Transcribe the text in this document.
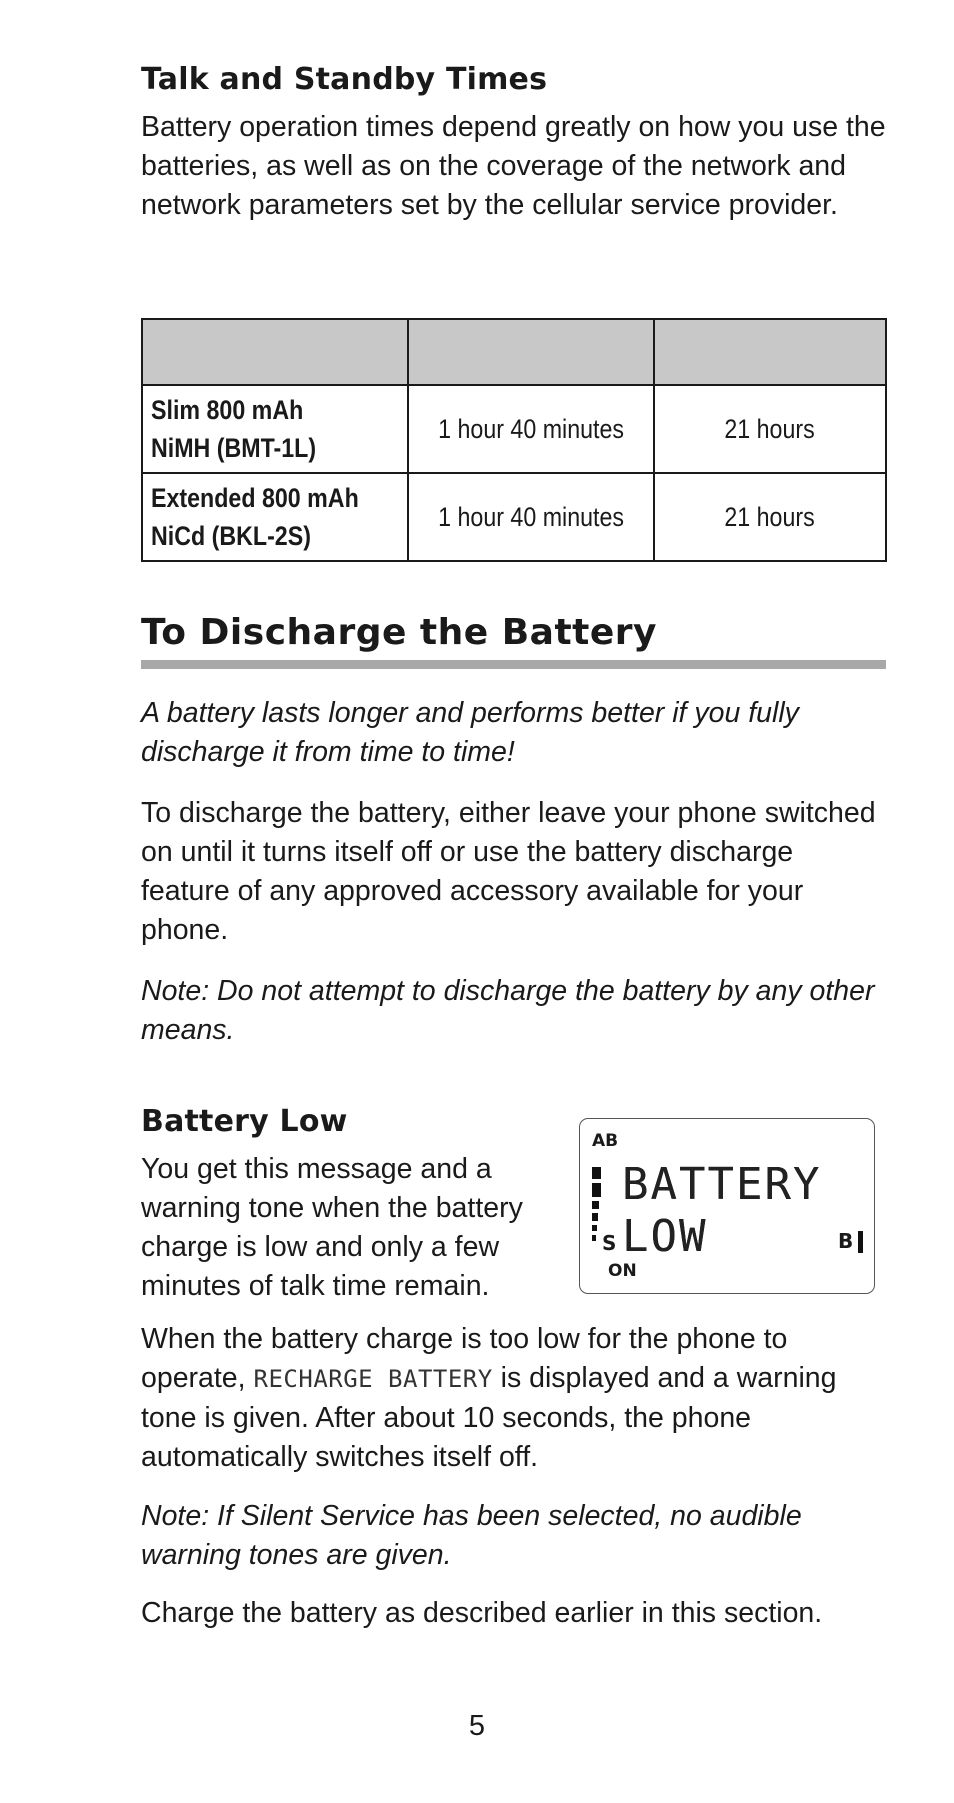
Talk and Standby Times

Battery operation times depend greatly on how you use the batteries, as well as on the coverage of the network and network parameters set by the cellular service provider.

Slim 800 mAh
NiMH (BMT-1L)	1 hour 40 minutes	21 hours
Extended 800 mAh
NiCd (BKL-2S)	1 hour 40 minutes	21 hours
To Discharge the Battery

A battery lasts longer and performs better if you fully discharge it from time to time!

To discharge the battery, either leave your phone switched on until it turns itself off or use the battery discharge feature of any approved accessory available for your phone.

Note: Do not attempt to discharge the battery by any other means.

Battery Low

You get this message and a warning tone when the battery charge is low and only a few minutes of talk time remain.

AB
BATTERY
LOW
S	B
ON

When the battery charge is too low for the phone to operate, RECHARGE BATTERY is displayed and a warning tone is given. After about 10 seconds, the phone automatically switches itself off.

Note: If Silent Service has been selected, no audible warning tones are given.

Charge the battery as described earlier in this section.

5
